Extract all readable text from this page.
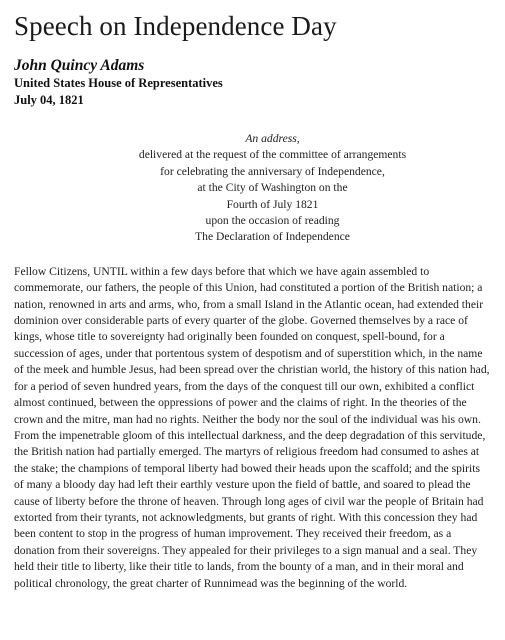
Speech on Independence Day
John Quincy Adams
United States House of Representatives
July 04, 1821
An address,
delivered at the request of the committee of arrangements
for celebrating the anniversary of Independence,
at the City of Washington on the
Fourth of July 1821
upon the occasion of reading
The Declaration of Independence

Fellow Citizens, UNTIL within a few days before that which we have again assembled to commemorate, our fathers, the people of this Union, had constituted a portion of the British nation; a nation, renowned in arts and arms, who, from a small Island in the Atlantic ocean, had extended their dominion over considerable parts of every quarter of the globe. Governed themselves by a race of kings, whose title to sovereignty had originally been founded on conquest, spell-bound, for a succession of ages, under that portentous system of despotism and of superstition which, in the name of the meek and humble Jesus, had been spread over the christian world, the history of this nation had, for a period of seven hundred years, from the days of the conquest till our own, exhibited a conflict almost continued, between the oppressions of power and the claims of right. In the theories of the crown and the mitre, man had no rights. Neither the body nor the soul of the individual was his own. From the impenetrable gloom of this intellectual darkness, and the deep degradation of this servitude, the British nation had partially emerged. The martyrs of religious freedom had consumed to ashes at the stake; the champions of temporal liberty had bowed their heads upon the scaffold; and the spirits of many a bloody day had left their earthly vesture upon the field of battle, and soared to plead the cause of liberty before the throne of heaven. Through long ages of civil war the people of Britain had extorted from their tyrants, not acknowledgments, but grants of right. With this concession they had been content to stop in the progress of human improvement. They received their freedom, as a donation from their sovereigns. They appealed for their privileges to a sign manual and a seal. They held their title to liberty, like their title to lands, from the bounty of a man, and in their moral and political chronology, the great charter of Runnimead was the beginning of the world.
